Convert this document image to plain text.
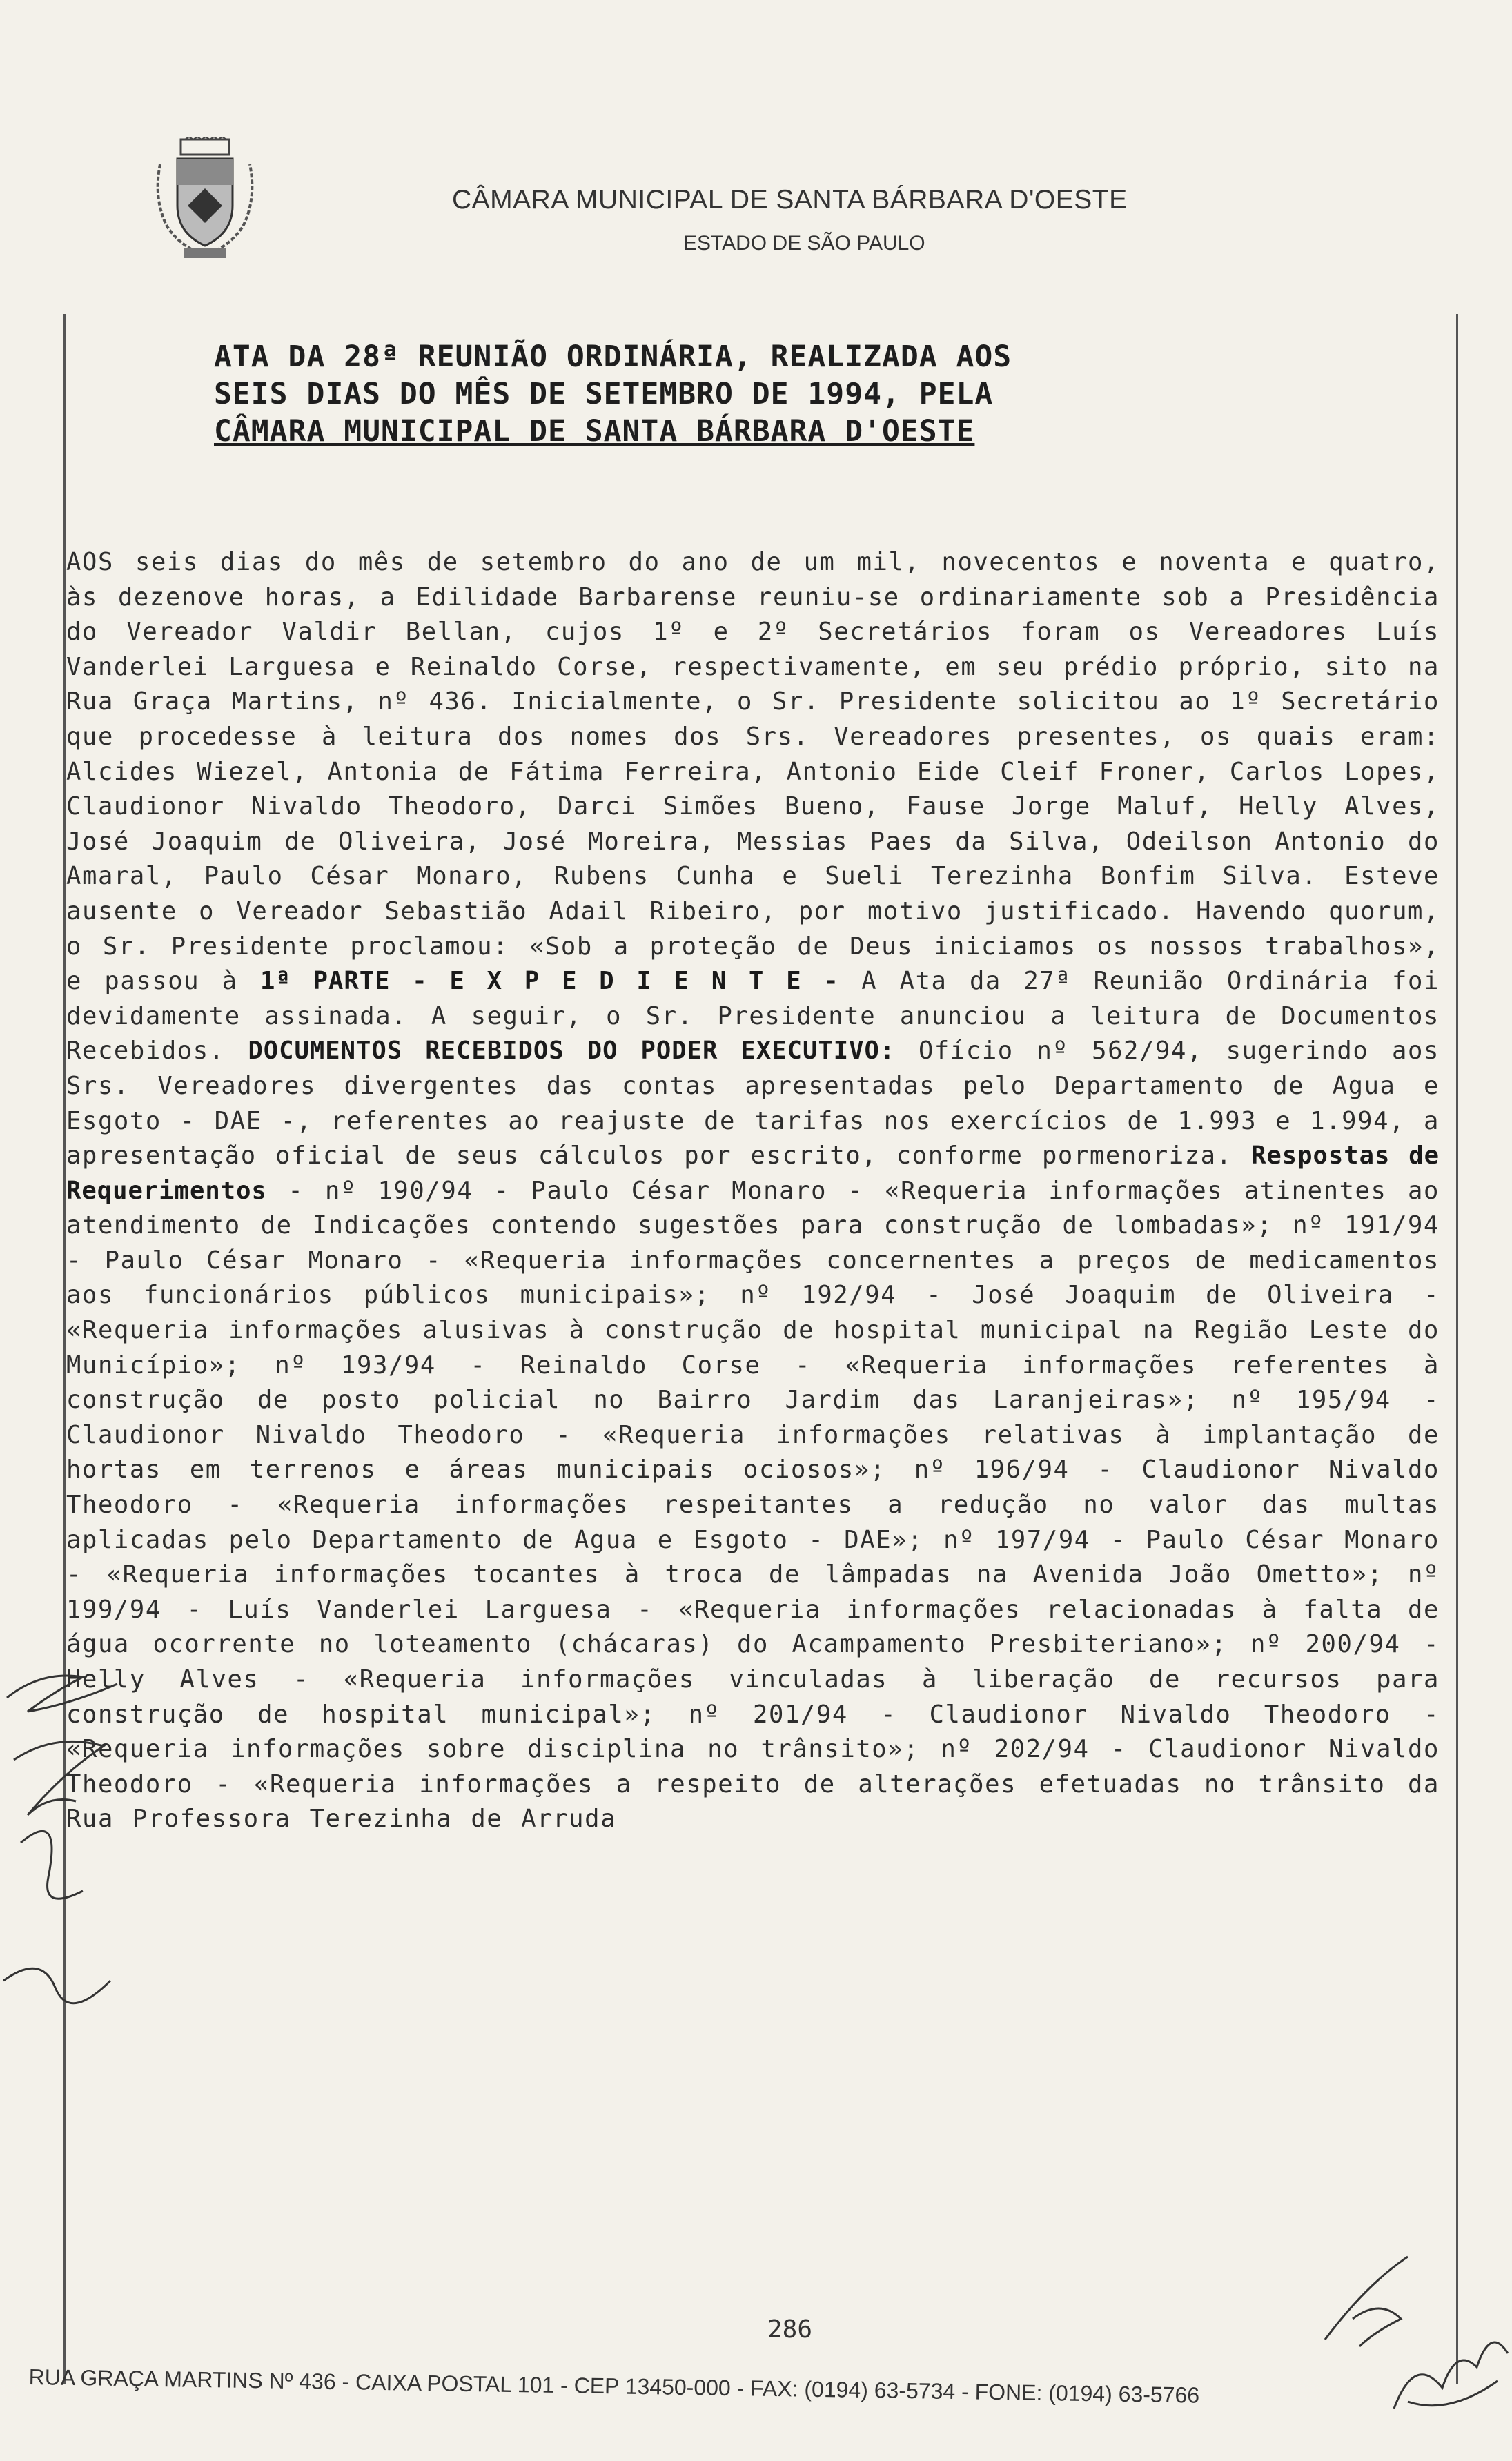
CÂMARA MUNICIPAL DE SANTA BÁRBARA D'OESTE
ESTADO DE SÃO PAULO
ATA DA 28ª REUNIÃO ORDINÁRIA, REALIZADA AOS
SEIS DIAS DO MÊS DE SETEMBRO DE 1994, PELA
CÂMARA MUNICIPAL DE SANTA BÁRBARA D'OESTE
AOS seis dias do mês de setembro do ano de um mil, novecentos e noventa e quatro, às dezenove horas, a Edilidade Barbarense reuniu-se ordinariamente sob a Presidência do Vereador Valdir Bellan, cujos 1º e 2º Secretários foram os Vereadores Luís Vanderlei Larguesa e Reinaldo Corse, respectivamente, em seu prédio próprio, sito na Rua Graça Martins, nº 436. Inicialmente, o Sr. Presidente solicitou ao 1º Secretário que procedesse à leitura dos nomes dos Srs. Vereadores presentes, os quais eram: Alcides Wiezel, Antonia de Fátima Ferreira, Antonio Eide Cleif Froner, Carlos Lopes, Claudionor Nivaldo Theodoro, Darci Simões Bueno, Fause Jorge Maluf, Helly Alves, José Joaquim de Oliveira, José Moreira, Messias Paes da Silva, Odeilson Antonio do Amaral, Paulo César Monaro, Rubens Cunha e Sueli Terezinha Bonfim Silva. Esteve ausente o Vereador Sebastião Adail Ribeiro, por motivo justificado. Havendo quorum, o Sr. Presidente proclamou: «Sob a proteção de Deus iniciamos os nossos trabalhos», e passou à 1ª PARTE - E X P E D I E N T E - A Ata da 27ª Reunião Ordinária foi devidamente assinada. A seguir, o Sr. Presidente anunciou a leitura de Documentos Recebidos. DOCUMENTOS RECEBIDOS DO PODER EXECUTIVO: Ofício nº 562/94, sugerindo aos Srs. Vereadores divergentes das contas apresentadas pelo Departamento de Agua e Esgoto - DAE -, referentes ao reajuste de tarifas nos exercícios de 1.993 e 1.994, a apresentação oficial de seus cálculos por escrito, conforme pormenoriza. Respostas de Requerimentos - nº 190/94 - Paulo César Monaro - «Requeria informações atinentes ao atendimento de Indicações contendo sugestões para construção de lombadas»; nº 191/94 - Paulo César Monaro - «Requeria informações concernentes a preços de medicamentos aos funcionários públicos municipais»; nº 192/94 - José Joaquim de Oliveira - «Requeria informações alusivas à construção de hospital municipal na Região Leste do Município»; nº 193/94 - Reinaldo Corse - «Requeria informações referentes à construção de posto policial no Bairro Jardim das Laranjeiras»; nº 195/94 - Claudionor Nivaldo Theodoro - «Requeria informações relativas à implantação de hortas em terrenos e áreas municipais ociosos»; nº 196/94 - Claudionor Nivaldo Theodoro - «Requeria informações respeitantes a redução no valor das multas aplicadas pelo Departamento de Agua e Esgoto - DAE»; nº 197/94 - Paulo César Monaro - «Requeria informações tocantes à troca de lâmpadas na Avenida João Ometto»; nº 199/94 - Luís Vanderlei Larguesa - «Requeria informações relacionadas à falta de água ocorrente no loteamento (chácaras) do Acampamento Presbiteriano»; nº 200/94 - Helly Alves - «Requeria informações vinculadas à liberação de recursos para construção de hospital municipal»; nº 201/94 - Claudionor Nivaldo Theodoro - «Requeria informações sobre disciplina no trânsito»; nº 202/94 - Claudionor Nivaldo Theodoro - «Requeria informações a respeito de alterações efetuadas no trânsito da Rua Professora Terezinha de Arruda
286
RUA GRAÇA MARTINS Nº 436 - CAIXA POSTAL 101 - CEP 13450-000 - FAX: (0194) 63-5734 - FONE: (0194) 63-5766
